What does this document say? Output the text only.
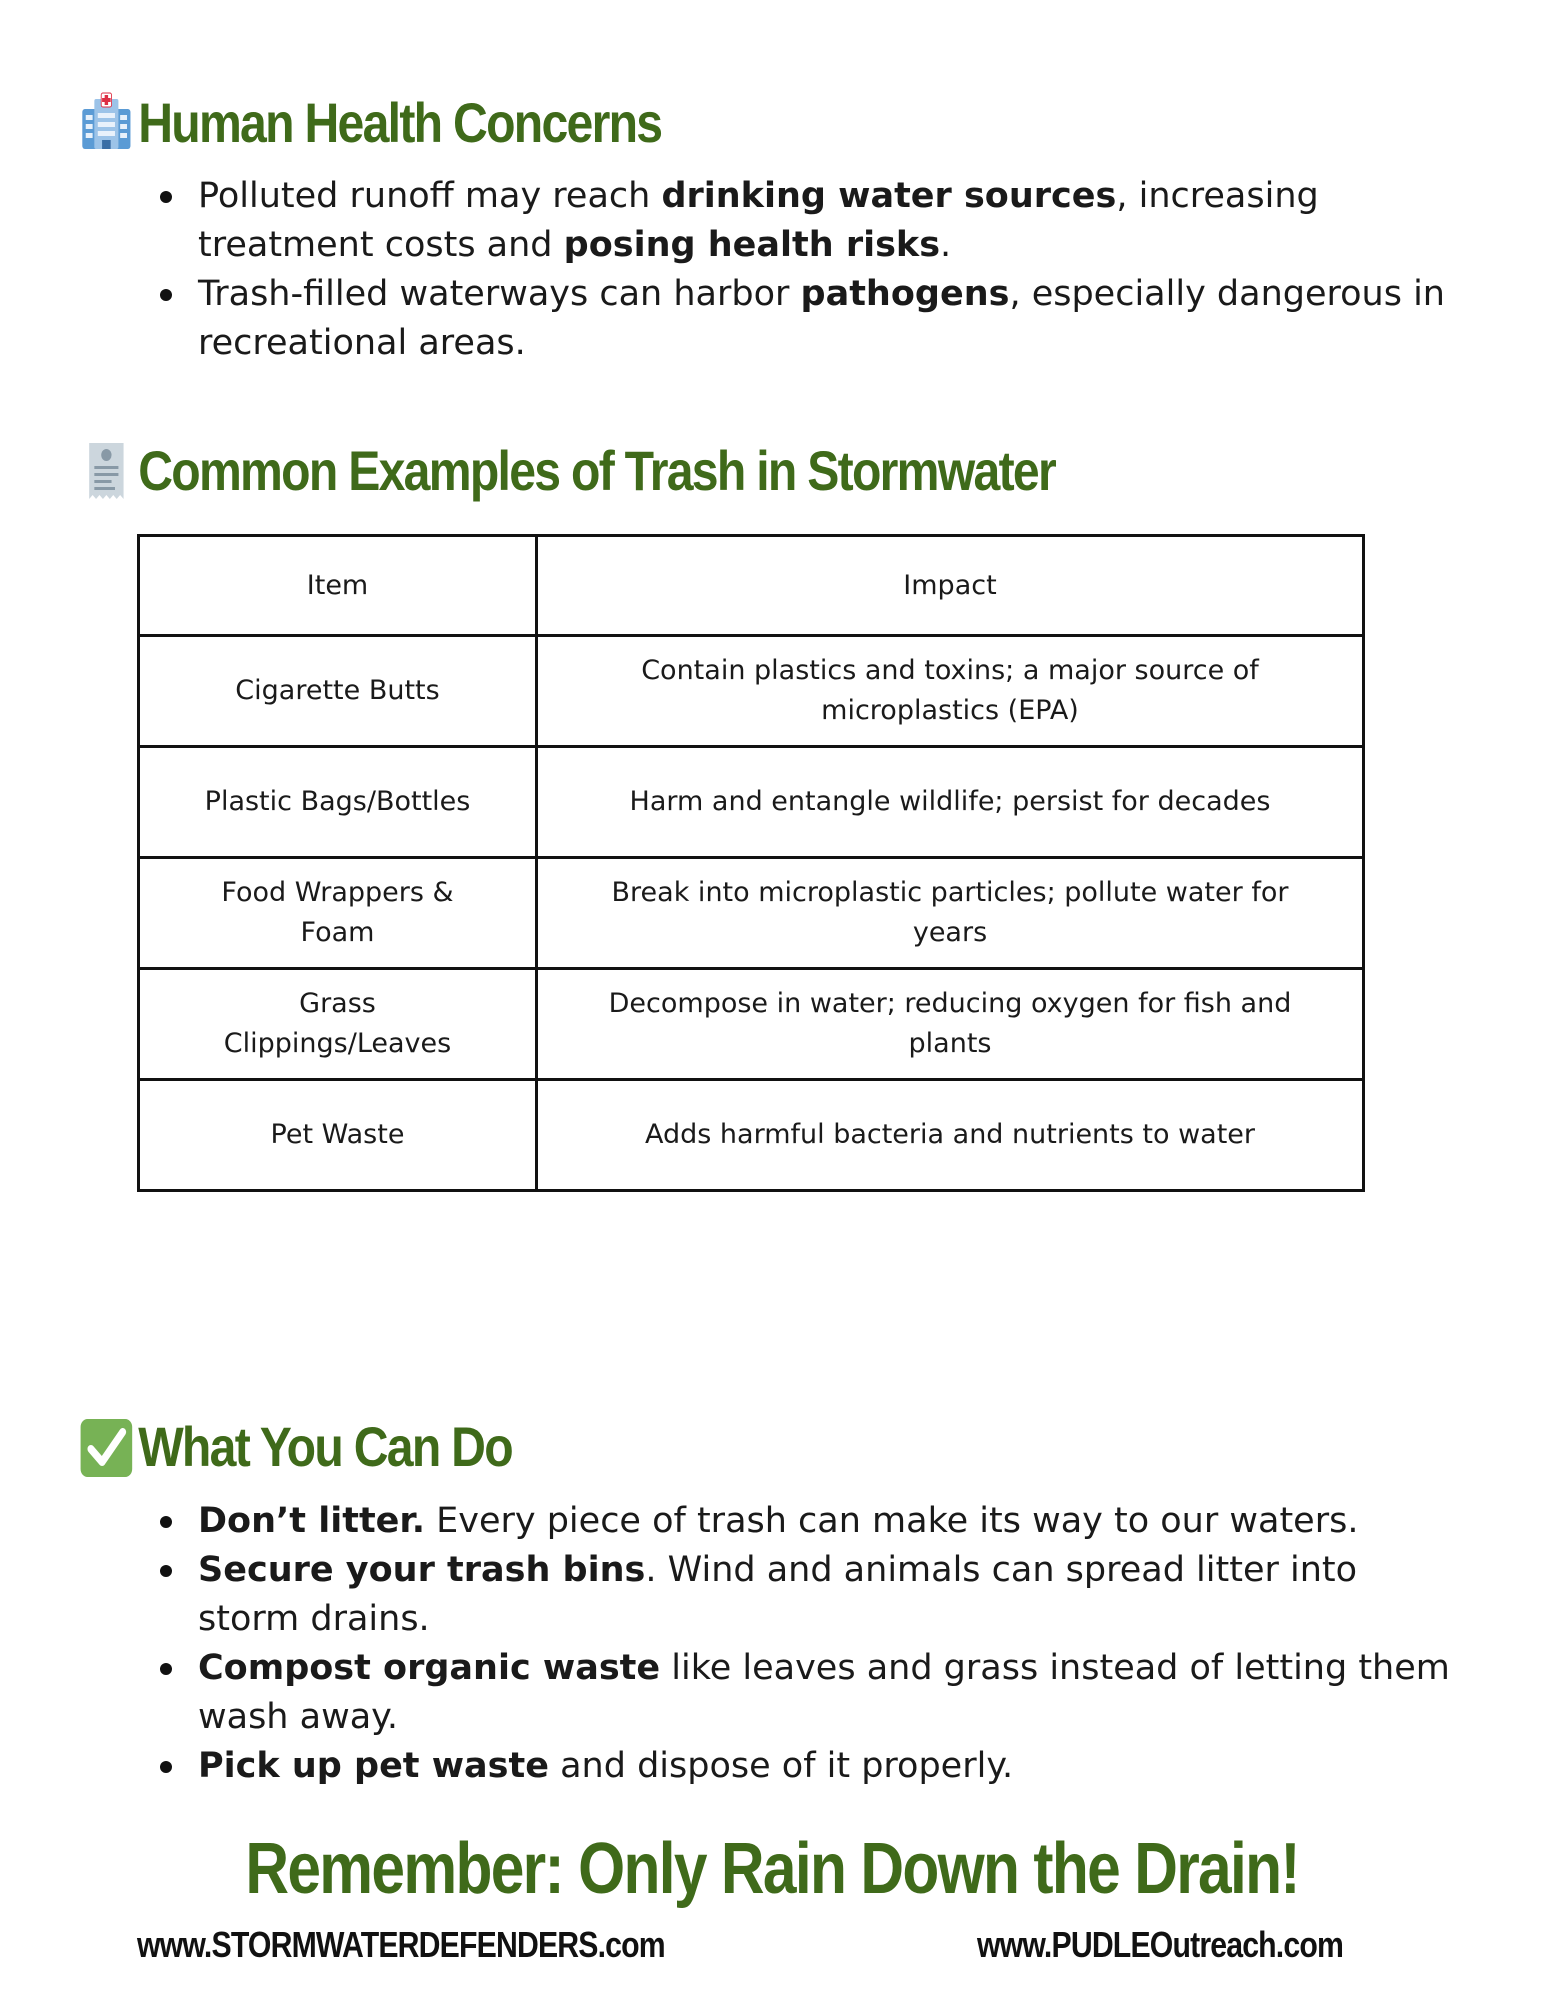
Human Health Concerns
Polluted runoff may reach drinking water sources, increasing treatment costs and posing health risks.
Trash-filled waterways can harbor pathogens, especially dangerous in recreational areas.
Common Examples of Trash in Stormwater
Item	Impact
Cigarette Butts	Contain plastics and toxins; a major source of microplastics (EPA)
Plastic Bags/Bottles	Harm and entangle wildlife; persist for decades
Food Wrappers & Foam	Break into microplastic particles; pollute water for years
Grass Clippings/Leaves	Decompose in water; reducing oxygen for fish and plants
Pet Waste	Adds harmful bacteria and nutrients to water
What You Can Do
Don’t litter. Every piece of trash can make its way to our waters.
Secure your trash bins. Wind and animals can spread litter into storm drains.
Compost organic waste like leaves and grass instead of letting them wash away.
Pick up pet waste and dispose of it properly.
Remember: Only Rain Down the Drain!
www.STORMWATERDEFENDERS.com	www.PUDLEOutreach.com
